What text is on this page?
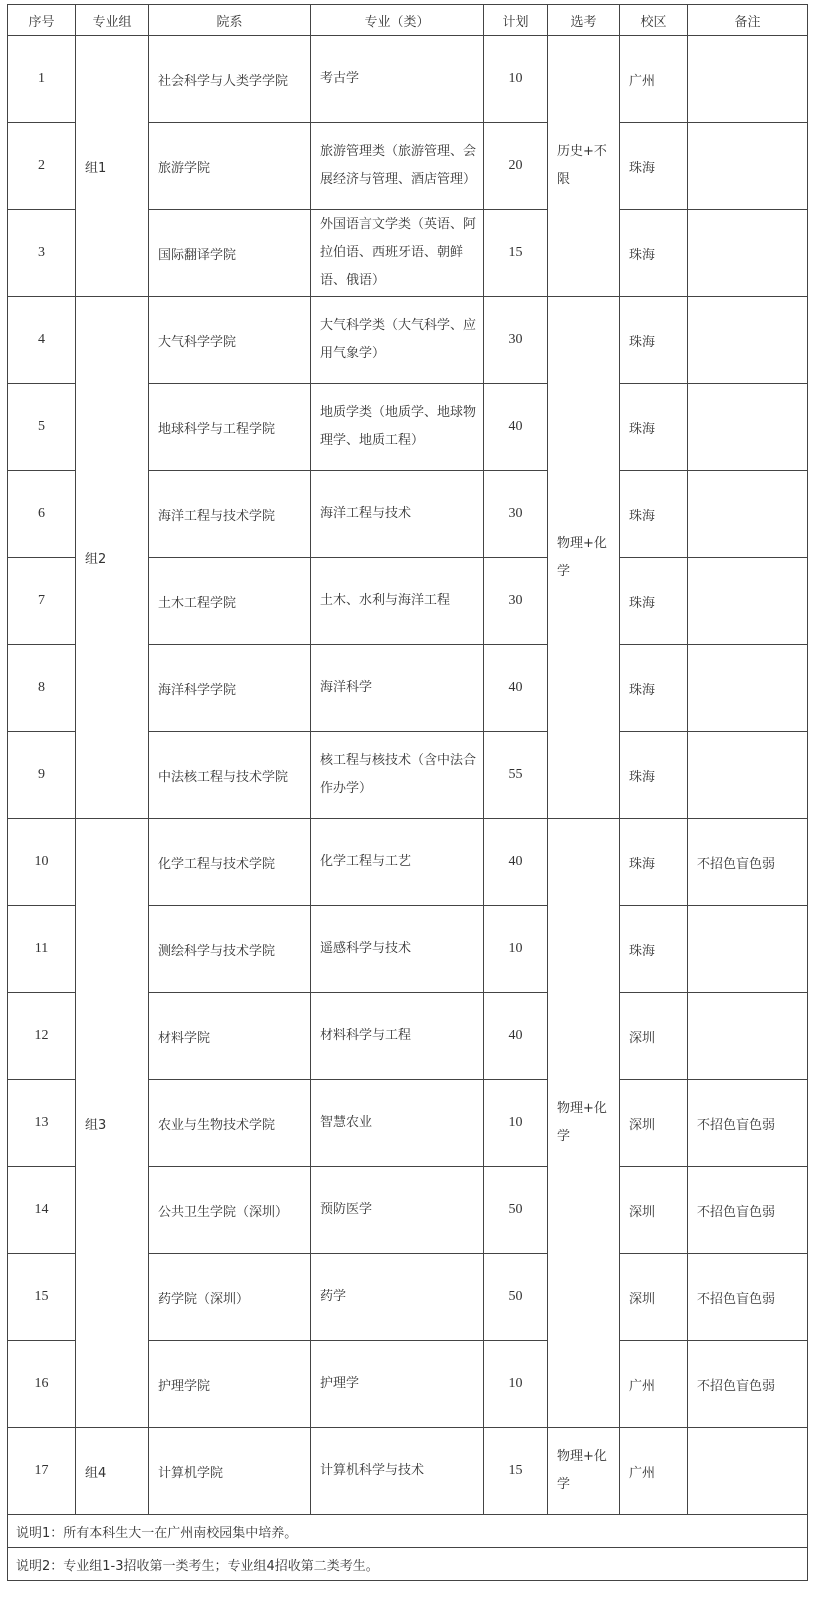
序号	专业组	院系	专业（类）	计划	选考	校区	备注
1	组1	社会科学与人类学学院	考古学	10	历史+不限	广州	
2		旅游学院	旅游管理类（旅游管理、会展经济与管理、酒店管理）	20		珠海	
3		国际翻译学院	外国语言文学类（英语、阿拉伯语、西班牙语、朝鲜语、俄语）	15		珠海	
4	组2	大气科学学院	大气科学类（大气科学、应用气象学）	30	物理+化学	珠海	
5		地球科学与工程学院	地质学类（地质学、地球物理学、地质工程）	40		珠海	
6		海洋工程与技术学院	海洋工程与技术	30		珠海	
7		土木工程学院	土木、水利与海洋工程	30		珠海	
8		海洋科学学院	海洋科学	40		珠海	
9		中法核工程与技术学院	核工程与核技术（含中法合作办学）	55		珠海	
10	组3	化学工程与技术学院	化学工程与工艺	40	物理+化学	珠海	不招色盲色弱
11		测绘科学与技术学院	遥感科学与技术	10		珠海	
12		材料学院	材料科学与工程	40		深圳	
13		农业与生物技术学院	智慧农业	10		深圳	不招色盲色弱
14		公共卫生学院（深圳）	预防医学	50		深圳	不招色盲色弱
15		药学院（深圳）	药学	50		深圳	不招色盲色弱
16		护理学院	护理学	10		广州	不招色盲色弱
17	组4	计算机学院	计算机科学与技术	15	物理+化学	广州	
说明1：所有本科生大一在广州南校园集中培养。							
说明2：专业组1-3招收第一类考生；专业组4招收第二类考生。							
